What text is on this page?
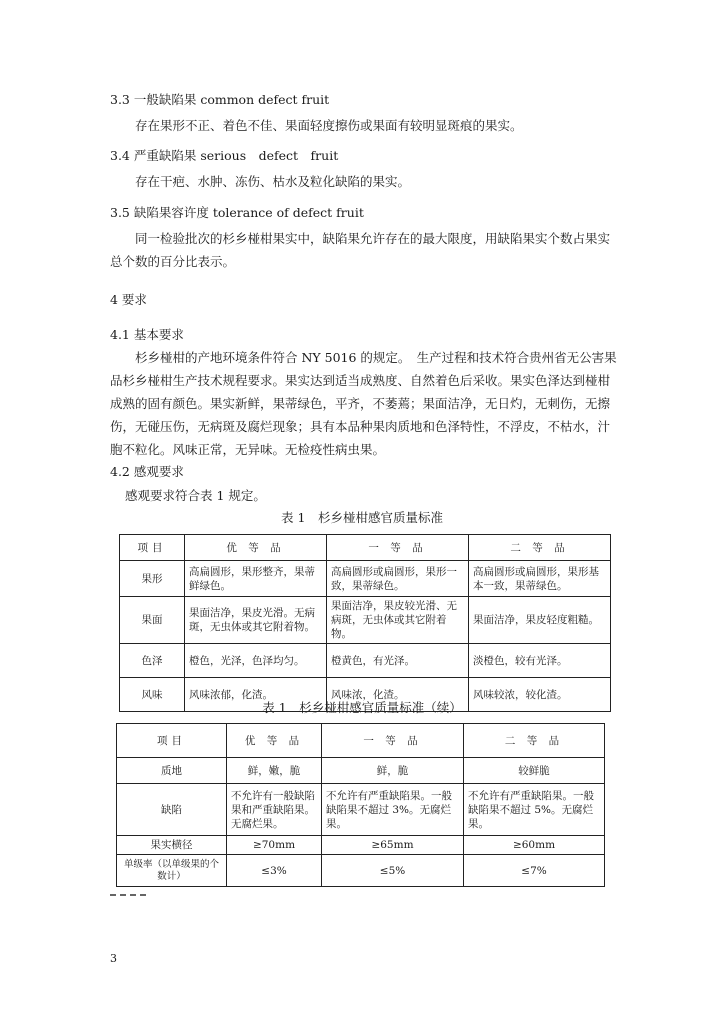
3.3 一般缺陷果 common defect fruit
存在果形不正、着色不佳、果面轻度擦伤或果面有较明显斑痕的果实。
3.4 严重缺陷果 serious　defect　fruit
存在干疤、水肿、冻伤、枯水及粒化缺陷的果实。
3.5 缺陷果容许度 tolerance of defect fruit
同一检验批次的杉乡椪柑果实中，缺陷果允许存在的最大限度，用缺陷果实个数占果实总个数的百分比表示。
4 要求
4.1 基本要求
杉乡椪柑的产地环境条件符合 NY 5016 的规定。　生产过程和技术符合贵州省无公害果品杉乡椪柑生产技术规程要求。果实达到适当成熟度、自然着色后采收。果实色泽达到椪柑成熟的固有颜色。果实新鲜，果蒂绿色，平齐，不萎蔫；果面洁净，无日灼，无刺伤，无擦伤，无碰压伤，无病斑及腐烂现象；具有本品种果肉质地和色泽特性，不浮皮，不枯水，汁胞不粒化。风味正常，无异味。无检疫性病虫果。
4.2 感观要求
感观要求符合表 1 规定。
表 1　杉乡椪柑感官质量标准
项目	优 等 品	一 等 品	二 等 品
果形	高扁圆形，果形整齐，果蒂鲜绿色。	高扁圆形或扁圆形，果形一致，果蒂绿色。	高扁圆形或扁圆形，果形基本一致，果蒂绿色。
果面	果面洁净，果皮光滑。无病斑，无虫体或其它附着物。	果面洁净，果皮较光滑、无病斑，无虫体或其它附着物。	果面洁净，果皮轻度粗糙。
色泽	橙色，光泽，色泽均匀。	橙黄色，有光泽。	淡橙色，较有光泽。
风味	风味浓郁，化渣。	风味浓，化渣。	风味较浓，较化渣。
表 1　杉乡椪柑感官质量标准（续）
项目	优 等 品	一 等 品	二 等 品
质地	鲜，嫩，脆	鲜，脆	较鲜脆
缺陷	不允许有一般缺陷果和严重缺陷果。无腐烂果。	不允许有严重缺陷果。一般缺陷果不超过 3%。无腐烂果。	不允许有严重缺陷果。一般缺陷果不超过 5%。无腐烂果。
果实横径	≥70mm	≥65mm	≥60mm
单级率（以单级果的个数计）	≤3%	≤5%	≤7%
3
